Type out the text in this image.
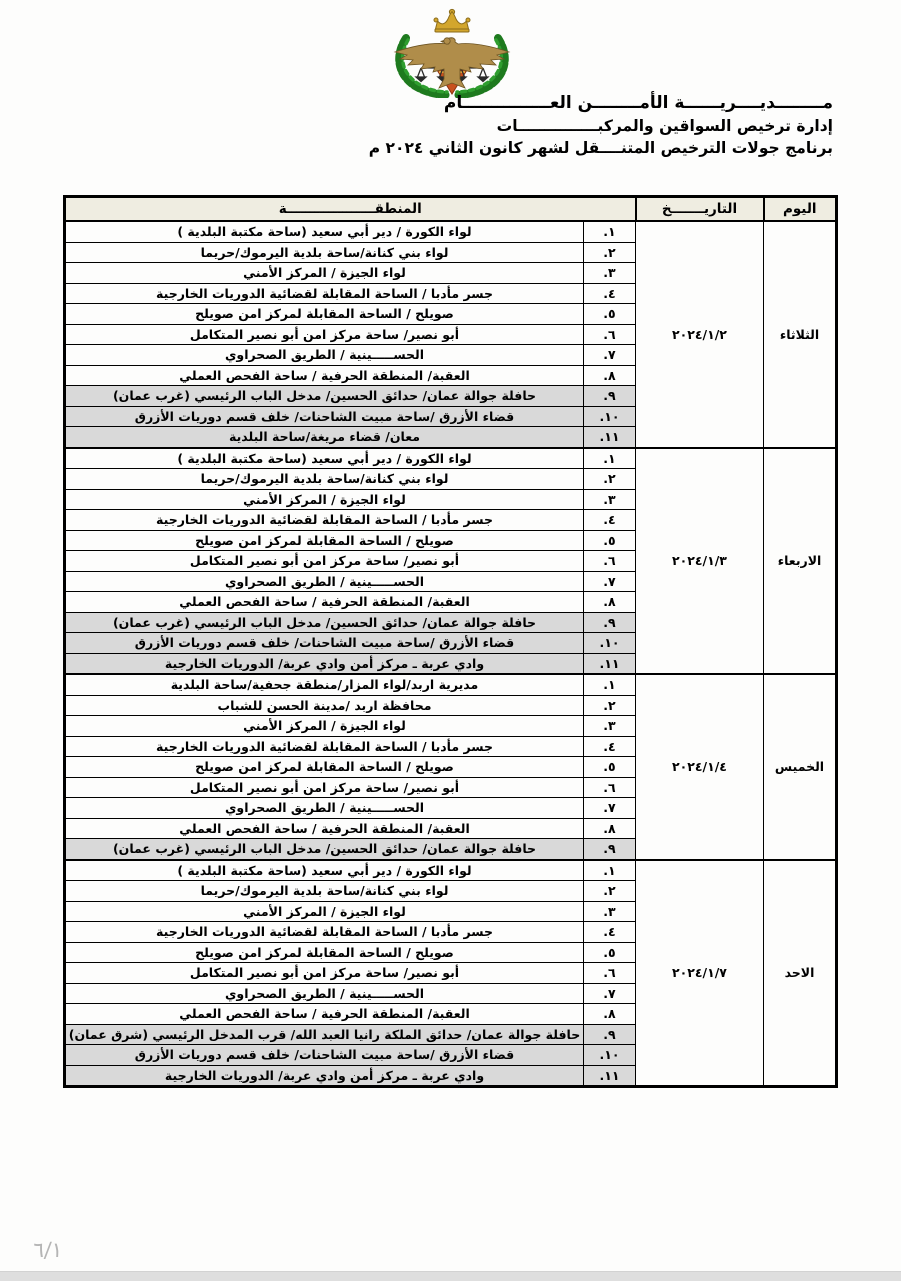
مــــــــديــــريــــــة الأمــــــــن العـــــــــــــــام
إدارة ترخيص السواقين والمركبـــــــــــــــات
برنامج جولات الترخيص المتنــــقل لشهر كانون الثاني ٢٠٢٤ م
اليوم	التاريـــــــخ	المنطقـــــــــــــــــــة	
الثلاثاء	٢٠٢٤/١/٢	.١	لواء الكورة / دير أبي سعيد (ساحة مكتبة البلدية )
		.٢	لواء بني كنانة/ساحة بلدية اليرموك/حريما
		.٣	لواء الجيزة / المركز الأمني
		.٤	جسر مأدبا / الساحة المقابلة لقضائية الدوريات الخارجية
		.٥	صويلح / الساحة المقابلة لمركز امن صويلح
		.٦	أبو نصير/ ساحة مركز امن أبو نصير المتكامل
		.٧	الحســـــينية / الطريق الصحراوي
		.٨	العقبة/ المنطقة الحرفية / ساحة الفحص العملي
		.٩	حافلة جوالة عمان/ حدائق الحسين/ مدخل الباب الرئيسي (غرب عمان)
		.١٠	قضاء الأزرق /ساحة مبيت الشاحنات/ خلف قسم دوريات الأزرق
		.١١	معان/ قضاء مريغة/ساحة البلدية
الاربعاء	٢٠٢٤/١/٣	.١	لواء الكورة / دير أبي سعيد (ساحة مكتبة البلدية )
		.٢	لواء بني كنانة/ساحة بلدية اليرموك/حريما
		.٣	لواء الجيزة / المركز الأمني
		.٤	جسر مأدبا / الساحة المقابلة لقضائية الدوريات الخارجية
		.٥	صويلح / الساحة المقابلة لمركز امن صويلح
		.٦	أبو نصير/ ساحة مركز امن أبو نصير المتكامل
		.٧	الحســـــينية / الطريق الصحراوي
		.٨	العقبة/ المنطقة الحرفية / ساحة الفحص العملي
		.٩	حافلة جوالة عمان/ حدائق الحسين/ مدخل الباب الرئيسي (غرب عمان)
		.١٠	قضاء الأزرق /ساحة مبيت الشاحنات/ خلف قسم دوريات الأزرق
		.١١	وادي عربة ـ مركز أمن وادي عربة/ الدوريات الخارجية
الخميس	٢٠٢٤/١/٤	.١	مديرية اربد/لواء المزار/منطقة جحفية/ساحة البلدية
		.٢	محافظة اربد /مدينة الحسن للشباب
		.٣	لواء الجيزة / المركز الأمني
		.٤	جسر مأدبا / الساحة المقابلة لقضائية الدوريات الخارجية
		.٥	صويلح / الساحة المقابلة لمركز امن صويلح
		.٦	أبو نصير/ ساحة مركز امن أبو نصير المتكامل
		.٧	الحســـــينية / الطريق الصحراوي
		.٨	العقبة/ المنطقة الحرفية / ساحة الفحص العملي
		.٩	حافلة جوالة عمان/ حدائق الحسين/ مدخل الباب الرئيسي (غرب عمان)
الاحد	٢٠٢٤/١/٧	.١	لواء الكورة / دير أبي سعيد (ساحة مكتبة البلدية )
		.٢	لواء بني كنانة/ساحة بلدية اليرموك/حريما
		.٣	لواء الجيزة / المركز الأمني
		.٤	جسر مأدبا / الساحة المقابلة لقضائية الدوريات الخارجية
		.٥	صويلح / الساحة المقابلة لمركز امن صويلح
		.٦	أبو نصير/ ساحة مركز امن أبو نصير المتكامل
		.٧	الحســـــينية / الطريق الصحراوي
		.٨	العقبة/ المنطقة الحرفية / ساحة الفحص العملي
		.٩	حافلة جوالة عمان/ حدائق الملكة رانيا العبد الله/ قرب المدخل الرئيسي (شرق عمان)
		.١٠	قضاء الأزرق /ساحة مبيت الشاحنات/ خلف قسم دوريات الأزرق
		.١١	وادي عربة ـ مركز أمن وادي عربة/ الدوريات الخارجية
٦/١
